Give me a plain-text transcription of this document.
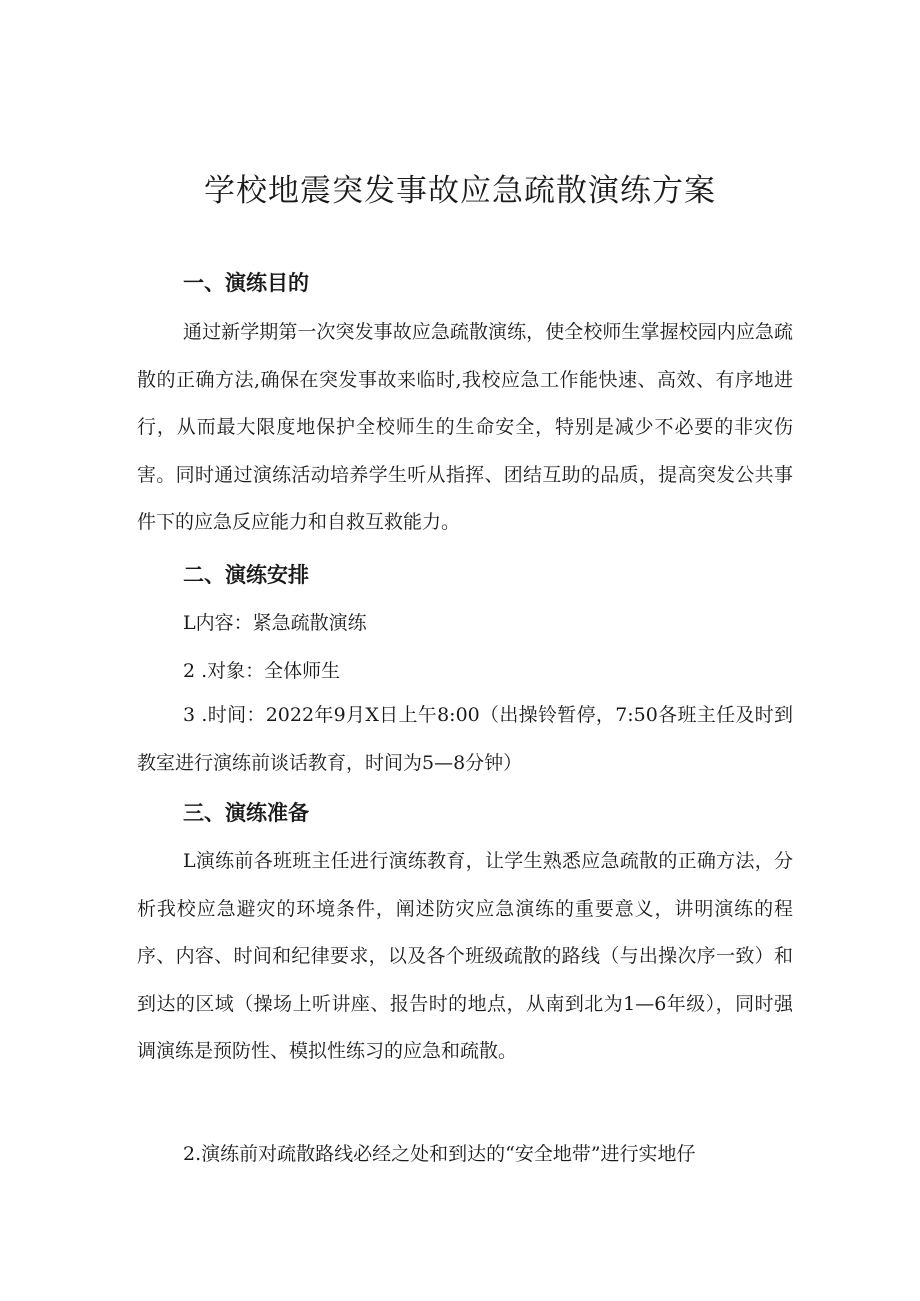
学校地震突发事故应急疏散演练方案
一、演练目的

通过新学期第一次突发事故应急疏散演练，使全校师生掌握校园内应急疏散的正确方法,确保在突发事故来临时,我校应急工作能快速、高效、有序地进行，从而最大限度地保护全校师生的生命安全，特别是减少不必要的非灾伤害。同时通过演练活动培养学生听从指挥、团结互助的品质，提高突发公共事件下的应急反应能力和自救互救能力。

二、演练安排

L内容：紧急疏散演练

2 .对象：全体师生

3 .时间：2022年9月X日上午8:00（出操铃暂停，7:50各班主任及时到教室进行演练前谈话教育，时间为5—8分钟）

三、演练准备

L演练前各班班主任进行演练教育，让学生熟悉应急疏散的正确方法，分析我校应急避灾的环境条件，阐述防灾应急演练的重要意义，讲明演练的程序、内容、时间和纪律要求，以及各个班级疏散的路线（与出操次序一致）和到达的区域（操场上听讲座、报告时的地点，从南到北为1—6年级），同时强调演练是预防性、模拟性练习的应急和疏散。

2.演练前对疏散路线必经之处和到达的“安全地带”进行实地仔
